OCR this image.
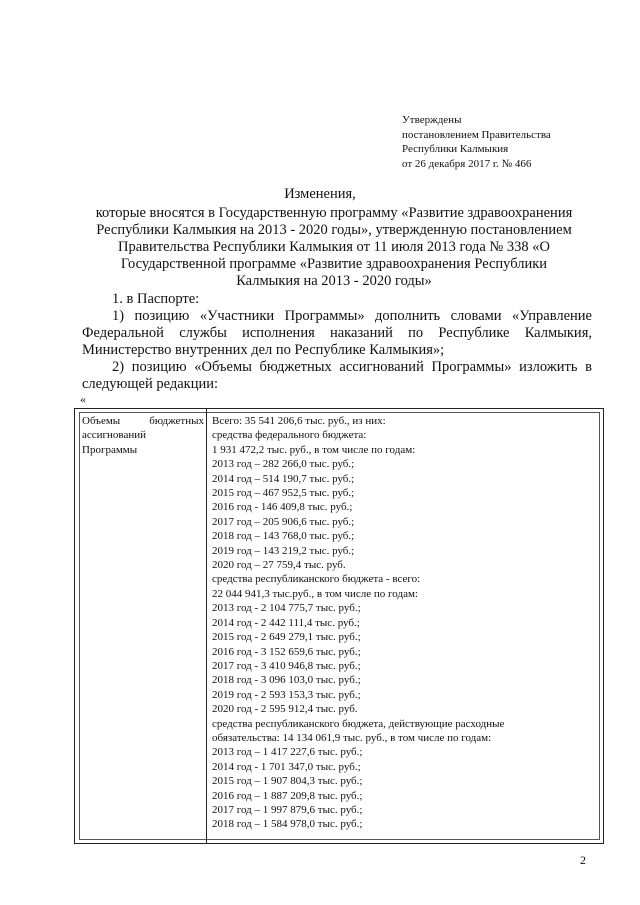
Утверждены
постановлением Правительства
Республики Калмыкия
от 26 декабря 2017 г. № 466
Изменения,
которые вносятся в Государственную программу «Развитие здравоохранения
Республики Калмыкия на 2013 - 2020 годы», утвержденную постановлением
Правительства Республики Калмыкия от 11 июля 2013 года № 338 «О
Государственной программе «Развитие здравоохранения Республики
Калмыкия на 2013 - 2020 годы»
1. в Паспорте:
1) позицию «Участники Программы» дополнить словами «Управление
Федеральной службы исполнения наказаний по Республике Калмыкия,
Министерство внутренних дел по Республике Калмыкия»;
2) позицию «Объемы бюджетных ассигнований Программы» изложить в
следующей редакции:
«
Объемы бюджетных
ассигнований
Программы
Всего: 35 541 206,6 тыс. руб., из них:
средства федерального бюджета:
1 931 472,2 тыс. руб., в том числе по годам:
2013 год – 282 266,0 тыс. руб.;
2014 год – 514 190,7 тыс. руб.;
2015 год – 467 952,5 тыс. руб.;
2016 год - 146 409,8 тыс. руб.;
2017 год – 205 906,6 тыс. руб.;
2018 год – 143 768,0 тыс. руб.;
2019 год – 143 219,2 тыс. руб.;
2020 год – 27 759,4 тыс. руб.
средства республиканского бюджета - всего:
22 044 941,3 тыс.руб., в том числе по годам:
2013 год - 2 104 775,7 тыс. руб.;
2014 год - 2 442 111,4 тыс. руб.;
2015 год - 2 649 279,1 тыс. руб.;
2016 год - 3 152 659,6 тыс. руб.;
2017 год - 3 410 946,8 тыс. руб.;
2018 год - 3 096 103,0 тыс. руб.;
2019 год - 2 593 153,3 тыс. руб.;
2020 год - 2 595 912,4 тыс. руб.
средства республиканского бюджета, действующие расходные
обязательства: 14 134 061,9 тыс. руб., в том числе по годам:
2013 год – 1 417 227,6 тыс. руб.;
2014 год - 1 701 347,0 тыс. руб.;
2015 год – 1 907 804,3 тыс. руб.;
2016 год – 1 887 209,8 тыс. руб.;
2017 год – 1 997 879,6 тыс. руб.;
2018 год – 1 584 978,0 тыс. руб.;
2
